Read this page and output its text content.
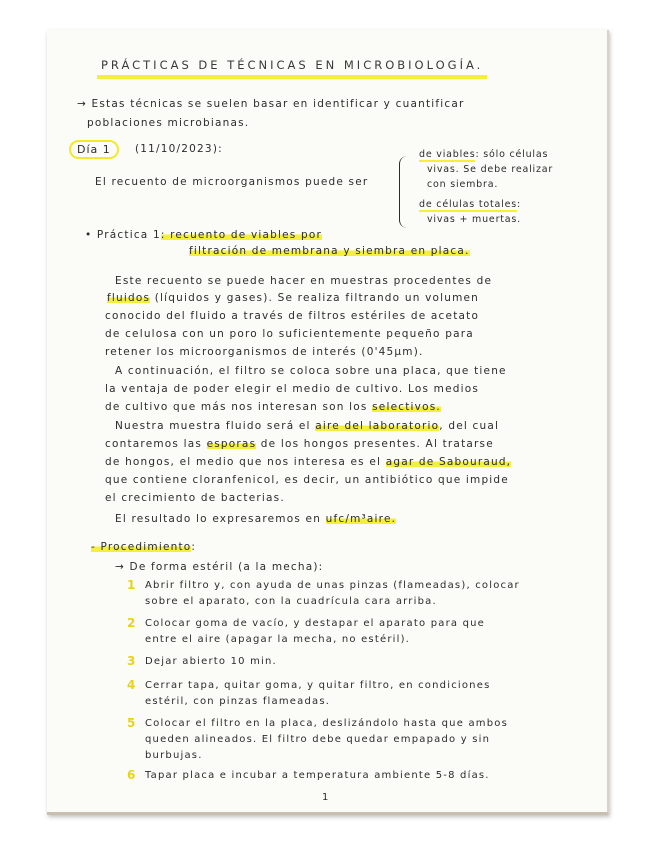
PRÁCTICAS DE TÉCNICAS EN MICROBIOLOGÍA.
→ Estas técnicas se suelen basar en identificar y cuantificar
poblaciones microbianas.
Día 1	(11/10/2023):
El recuento de microorganismos puede ser
de viables: sólo células
vivas. Se debe realizar
con siembra.
de células totales:
vivas + muertas.
• Práctica 1: recuento de viables por
filtración de membrana y siembra en placa.
Este recuento se puede hacer en muestras procedentes de
fluidos (líquidos y gases). Se realiza filtrando un volumen
conocido del fluido a través de filtros estériles de acetato
de celulosa con un poro lo suficientemente pequeño para
retener los microorganismos de interés (0'45μm).
A continuación, el filtro se coloca sobre una placa, que tiene
la ventaja de poder elegir el medio de cultivo. Los medios
de cultivo que más nos interesan son los selectivos.
Nuestra muestra fluido será el aire del laboratorio, del cual
contaremos las esporas de los hongos presentes. Al tratarse
de hongos, el medio que nos interesa es el agar de Sabouraud,
que contiene cloranfenicol, es decir, un antibiótico que impide
el crecimiento de bacterias.
El resultado lo expresaremos en ufc/m³aire.
- Procedimiento:
→ De forma estéril (a la mecha):
1 Abrir filtro y, con ayuda de unas pinzas (flameadas), colocar
sobre el aparato, con la cuadrícula cara arriba.
2 Colocar goma de vacío, y destapar el aparato para que
entre el aire (apagar la mecha, no estéril).
3 Dejar abierto 10 min.
4 Cerrar tapa, quitar goma, y quitar filtro, en condiciones
estéril, con pinzas flameadas.
5 Colocar el filtro en la placa, deslizándolo hasta que ambos
queden alineados. El filtro debe quedar empapado y sin
burbujas.
6 Tapar placa e incubar a temperatura ambiente 5-8 días.
1
